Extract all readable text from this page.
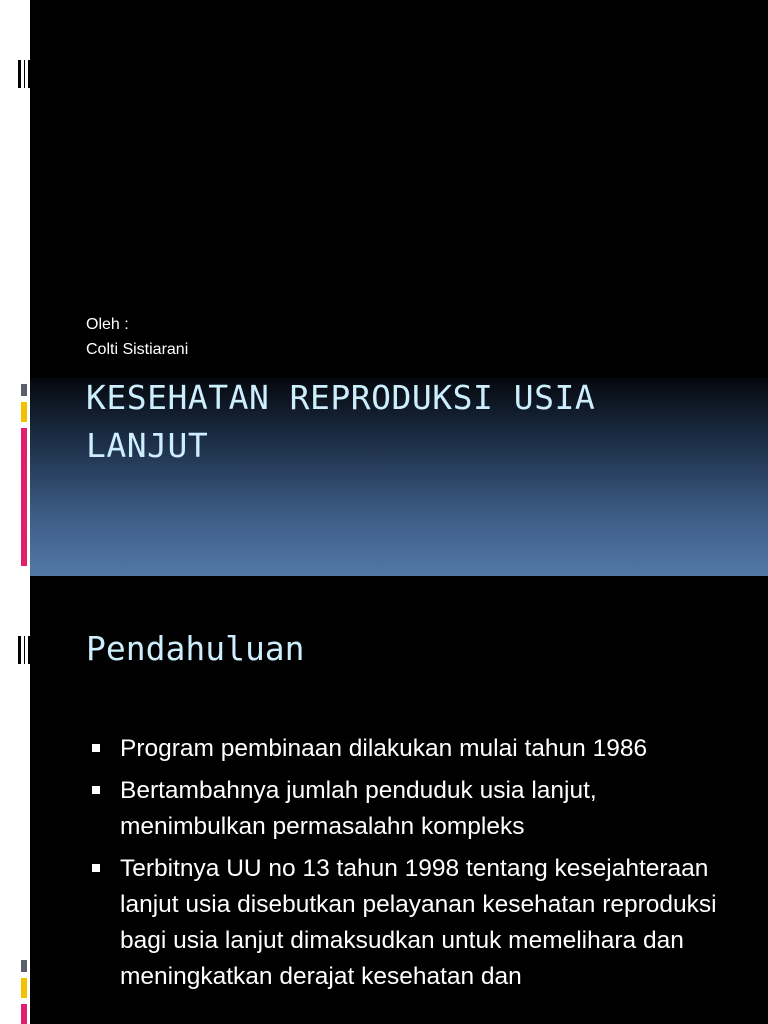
Oleh :
Colti Sistiarani
KESEHATAN REPRODUKSI USIA
LANJUT
Pendahuluan
Program pembinaan dilakukan mulai tahun 1986
Bertambahnya jumlah penduduk usia lanjut, menimbulkan permasalahn kompleks
Terbitnya UU no 13 tahun 1998 tentang kesejahteraan lanjut usia disebutkan pelayanan kesehatan reproduksi bagi usia lanjut dimaksudkan untuk memelihara dan meningkatkan derajat kesehatan dan
